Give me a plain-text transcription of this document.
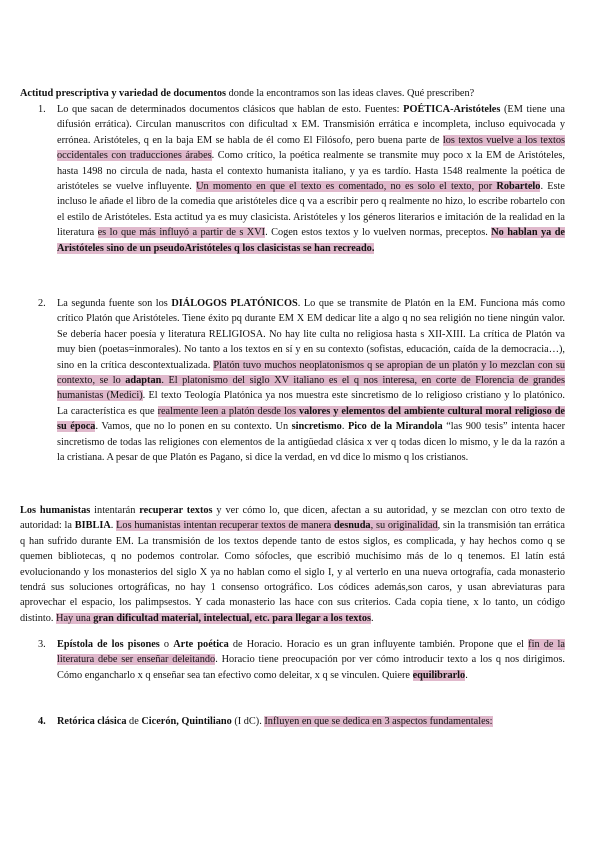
Actitud prescriptiva y variedad de documentos donde la encontramos son las ideas claves. Qué prescriben?

1. Lo que sacan de determinados documentos clásicos que hablan de esto. Fuentes: POÉTICA-Aristóteles (EM tiene una difusión errática). Circulan manuscritos con dificultad x EM. Transmisión errática e incompleta, incluso equivocada y errónea. Aristóteles, q en la baja EM se habla de él como El Filósofo, pero buena parte de los textos vuelve a los textos occidentales con traducciones árabes. Como crítico, la poética realmente se transmite muy poco x la EM de Aristóteles, hasta 1498 no circula de nada, hasta el contexto humanista italiano, y ya es tardío. Hasta 1548 realmente la poética de aristóteles se vuelve influyente. Un momento en que el texto es comentado, no es solo el texto, por Robartelo. Este incluso le añade el libro de la comedia que aristóteles dice q va a escribir pero q realmente no hizo, lo escribe robartelo con el estilo de Aristóteles. Esta actitud ya es muy clasicista. Aristóteles y los géneros literarios e imitación de la realidad en la literatura es lo que más influyó a partir de s XVI. Cogen estos textos y lo vuelven normas, preceptos. No hablan ya de Aristóteles sino de un pseudoAristóteles q los clasicistas se han recreado.

2. La segunda fuente son los DIÁLOGOS PLATÓNICOS. Lo que se transmite de Platón en la EM. Funciona más como crítico Platón que Aristóteles. Tiene éxito pq durante EM X EM dedicar lite a algo q no sea religión no tiene ningún valor. Se debería hacer poesía y literatura RELIGIOSA. No hay lite culta no religiosa hasta s XII-XIII. La crítica de Platón va muy bien (poetas=inmorales). No tanto a los textos en sí y en su contexto (sofistas, educación, caída de la democracia…), sino en la crítica descontextualizada. Platón tuvo muchos neoplatonismos q se apropian de un platón y lo mezclan con su contexto, se lo adaptan. El platonismo del siglo XV italiano es el q nos interesa, en corte de Florencia de grandes humanistas (Medici). El texto Teología Platónica ya nos muestra este sincretismo de lo religioso cristiano y lo platónico. La característica es que realmente leen a platón desde los valores y elementos del ambiente cultural moral religioso de su época. Vamos, que no lo ponen en su contexto. Un sincretismo. Pico de la Mirandola “las 900 tesis” intenta hacer sincretismo de todas las religiones con elementos de la antigüedad clásica x ver q todas dicen lo mismo, y le da la razón a la cristiana. A pesar de que Platón es Pagano, si dice la verdad, en vd dice lo mismo q los cristianos.

Los humanistas intentarán recuperar textos y ver cómo lo, que dicen, afectan a su autoridad, y se mezclan con otro texto de autoridad: la BIBLIA. Los humanistas intentan recuperar textos de manera desnuda, su originalidad, sin la transmisión tan errática q han sufrido durante EM. La transmisión de los textos depende tanto de estos siglos, es complicada, y hay hechos como q se quemen bibliotecas, q no podemos controlar. Como sófocles, que escribió muchísimo más de lo q tenemos. El latín está evolucionando y los monasterios del siglo X ya no hablan como el siglo I, y al verterlo en una nueva ortografía, cada monasterio tendrá sus soluciones ortográficas, no hay 1 consenso ortográfico. Los códices además,son caros, y usan abreviaturas para aprovechar el espacio, los palimpsestos. Y cada monasterio las hace con sus criterios. Cada copia tiene, x lo tanto, un código distinto. Hay una gran dificultad material, intelectual, etc. para llegar a los textos.

3. Epístola de los pisones o Arte poética de Horacio. Horacio es un gran influyente también. Propone que el fin de la literatura debe ser enseñar deleitando. Horacio tiene preocupación por ver cómo introducir texto a los q nos dirigimos. Cómo engancharlo x q enseñar sea tan efectivo como deleitar, x q se vinculen. Quiere equilibrarlo.

4. Retórica clásica de Cicerón, Quintiliano (I dC). Influyen en que se dedica en 3 aspectos fundamentales:
